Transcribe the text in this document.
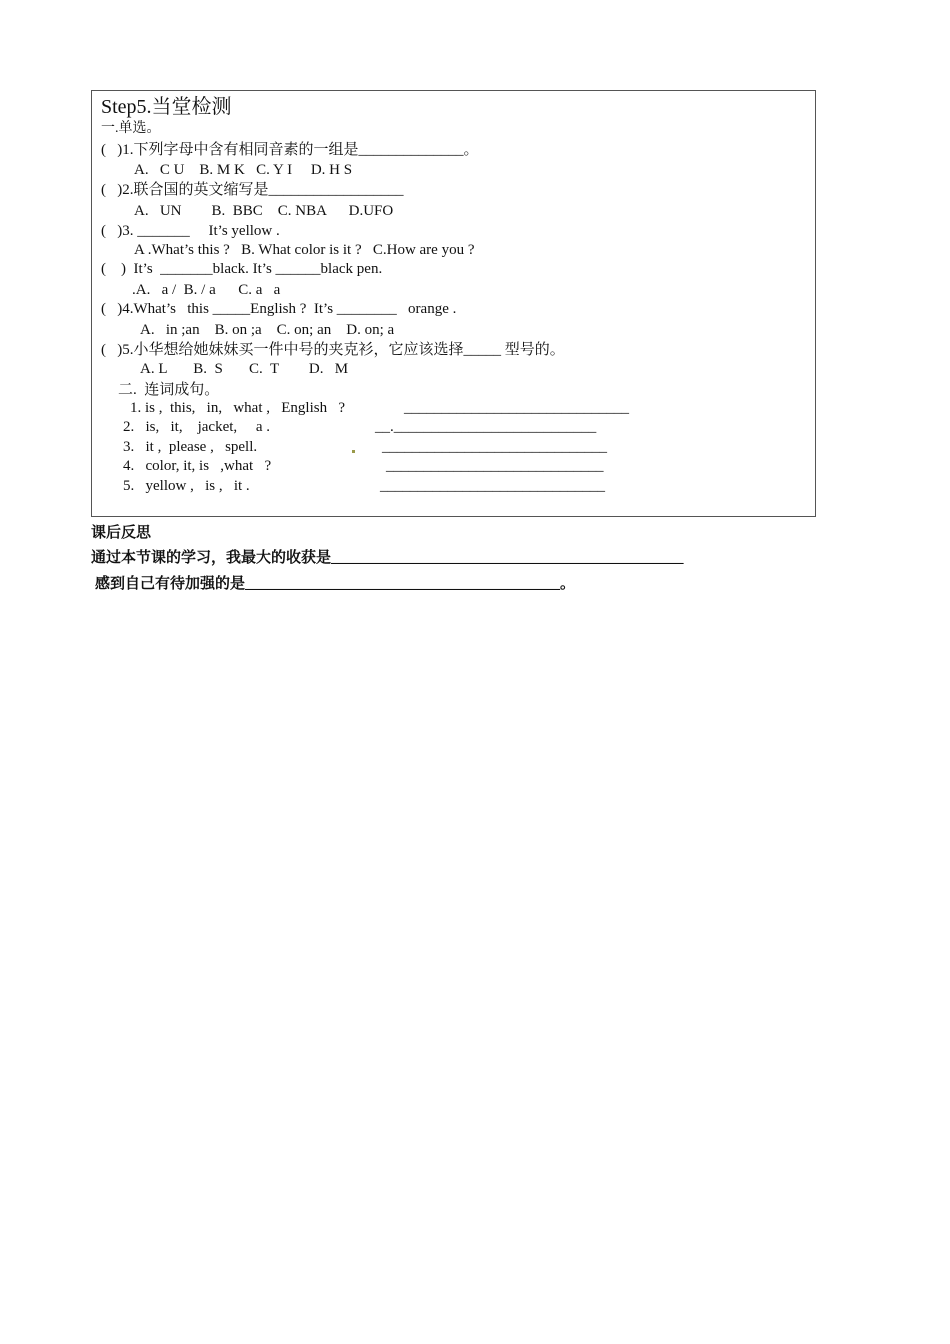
Step5.当堂检测
一.单选。
(   )1.下列字母中含有相同音素的一组是______________。
A.   C U    B. M K   C. Y I     D. H S
(   )2.联合国的英文缩写是__________________
A.   UN        B.  BBC    C. NBA      D.UFO
(   )3. _______     It’s yellow .
A .What’s this ?   B. What color is it ?   C.How are you ?
(    )  It’s  _______black. It’s ______black pen.
.A.   a /  B. / a      C. a   a
(   )4.What’s   this _____English ?  It’s ________   orange .
A.   in ;an    B. on ;a    C. on; an    D. on; a
(   )5.小华想给她妹妹买一件中号的夹克衫，它应该选择_____ 型号的。
A. L       B.  S       C.  T        D.   M
二.  连词成句。
1. is ,  this,   in,   what ,   English   ?	______________________________
2.   is,   it,    jacket,     a .	__.___________________________
3.   it ,  please ,   spell.	______________________________
4.   color, it, is   ,what   ?	_____________________________
5.   yellow ,   is ,   it .	______________________________
课后反思
通过本节课的学习，我最大的收获是_______________________________________________
感到自己有待加强的是__________________________________________。
